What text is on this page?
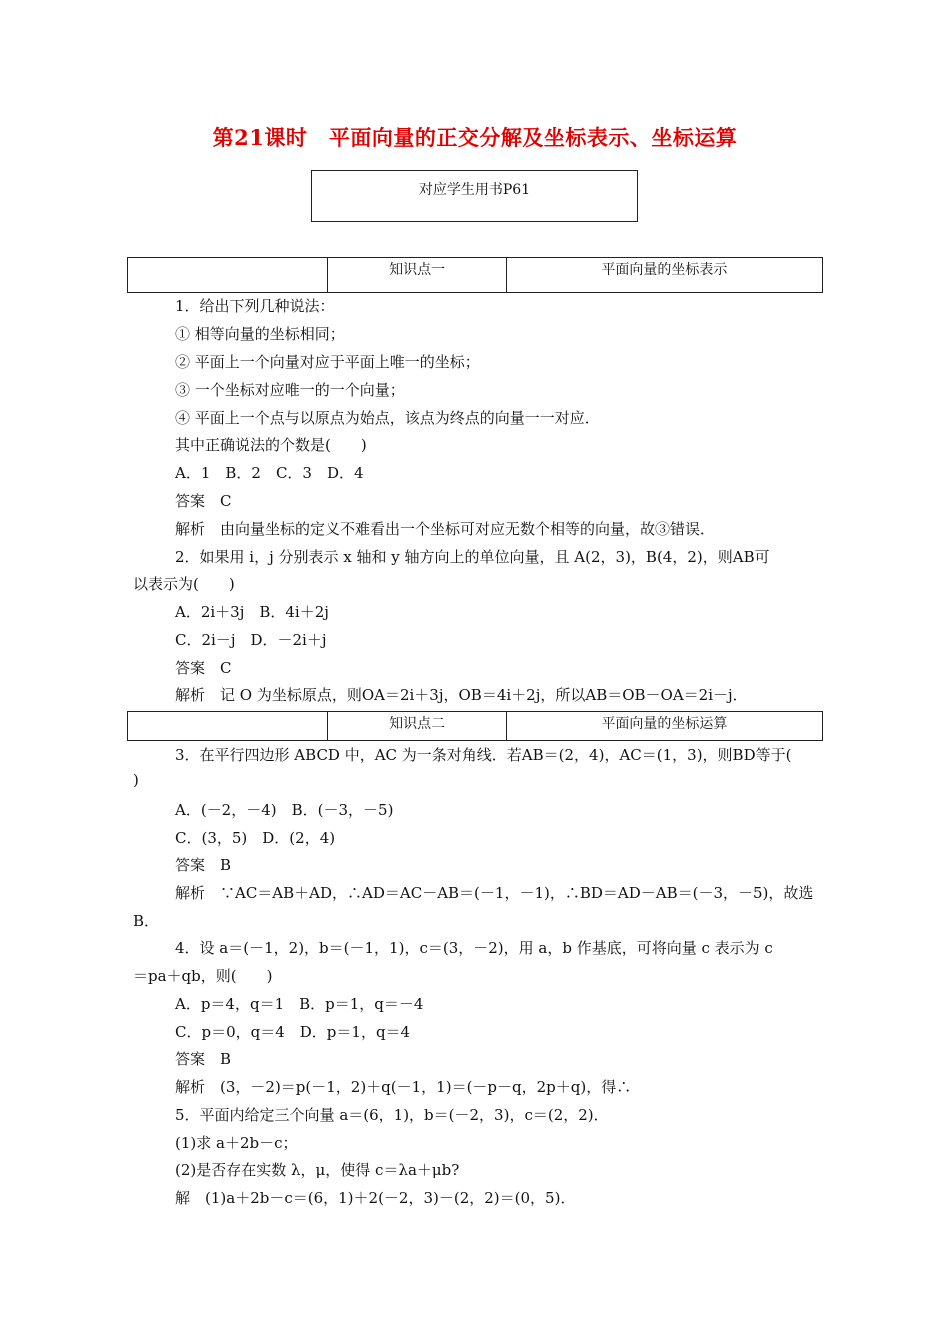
第21课时　平面向量的正交分解及坐标表示、坐标运算
对应学生用书P61
	知识点一	平面向量的坐标表示
1．给出下列几种说法：
① 相等向量的坐标相同；
② 平面上一个向量对应于平面上唯一的坐标；
③ 一个坐标对应唯一的一个向量；
④ 平面上一个点与以原点为始点，该点为终点的向量一一对应．
其中正确说法的个数是(　　)
A．1　B．2　C．3　D．4
答案　C
解析　由向量坐标的定义不难看出一个坐标可对应无数个相等的向量，故③错误．
2．如果用 i，j 分别表示 x 轴和 y 轴方向上的单位向量，且 A(2，3)，B(4，2)，则AB可
以表示为(　　)
A．2i＋3j　B．4i＋2j
C．2i－j　D．－2i＋j
答案　C
解析　记 O 为坐标原点，则OA＝2i＋3j，OB＝4i＋2j，所以AB＝OB－OA＝2i－j．
	知识点二	平面向量的坐标运算
3．在平行四边形 ABCD 中，AC 为一条对角线．若AB＝(2，4)，AC＝(1，3)，则BD等于(
)
A．(－2，－4)　B．(－3，－5)
C．(3，5)　D．(2，4)
答案　B
解析　∵AC＝AB＋AD，∴AD＝AC－AB＝(－1，－1)，∴BD＝AD－AB＝(－3，－5)，故选
B．
4．设 a＝(－1，2)，b＝(－1，1)，c＝(3，－2)，用 a，b 作基底，可将向量 c 表示为 c
＝pa＋qb，则(　　)
A．p＝4，q＝1　B．p＝1，q＝－4
C．p＝0，q＝4　D．p＝1，q＝4
答案　B
解析　(3，－2)＝p(－1，2)＋q(－1，1)＝(－p－q，2p＋q)，得∴
5．平面内给定三个向量 a＝(6，1)，b＝(－2，3)，c＝(2，2)．
(1)求 a＋2b－c；
(2)是否存在实数 λ，μ，使得 c＝λa＋μb?
解　(1)a＋2b－c＝(6，1)＋2(－2，3)－(2，2)＝(0，5)．
